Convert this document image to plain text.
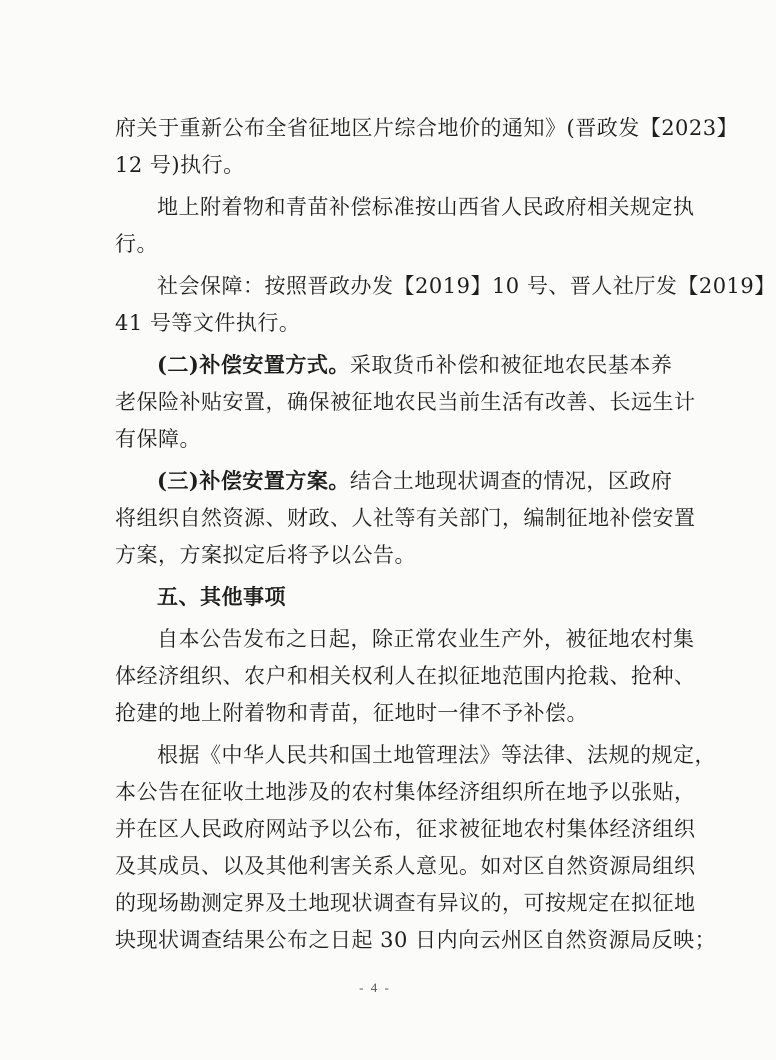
府关于重新公布全省征地区片综合地价的通知》(晋政发【2023】
12 号)执行。
地上附着物和青苗补偿标准按山西省人民政府相关规定执
行。
社会保障：按照晋政办发【2019】10 号、晋人社厅发【2019】
41 号等文件执行。
(二)补偿安置方式。采取货币补偿和被征地农民基本养
老保险补贴安置，确保被征地农民当前生活有改善、长远生计
有保障。
(三)补偿安置方案。结合土地现状调查的情况，区政府
将组织自然资源、财政、人社等有关部门，编制征地补偿安置
方案，方案拟定后将予以公告。
五、其他事项
自本公告发布之日起，除正常农业生产外，被征地农村集
体经济组织、农户和相关权利人在拟征地范围内抢栽、抢种、
抢建的地上附着物和青苗，征地时一律不予补偿。
根据《中华人民共和国土地管理法》等法律、法规的规定，
本公告在征收土地涉及的农村集体经济组织所在地予以张贴，
并在区人民政府网站予以公布，征求被征地农村集体经济组织
及其成员、以及其他利害关系人意见。如对区自然资源局组织
的现场勘测定界及土地现状调查有异议的，可按规定在拟征地
块现状调查结果公布之日起 30 日内向云州区自然资源局反映；
- 4 -
